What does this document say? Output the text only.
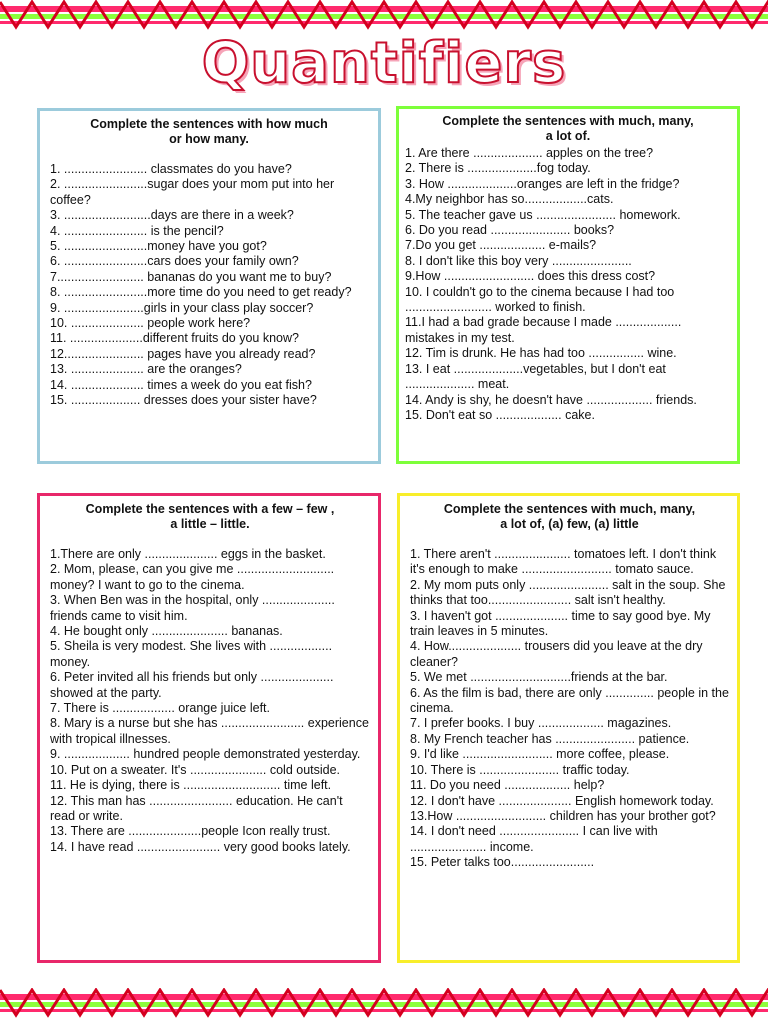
Quantifiers
Complete the sentences with how much
or how many.
1. ........................ classmates do you have?
2. ........................sugar does your mom put into her coffee?
3. .........................days are there in a week?
4. ........................ is the pencil?
5. ........................money have you got?
6. ........................cars does your family own?
7......................... bananas do you want me to buy?
8. ........................more time do you need to get ready?
9. .......................girls in your class play soccer?
10. ..................... people work here?
11. .....................different fruits do you know?
12....................... pages have you already read?
13. ..................... are the oranges?
14. ..................... times a week do you eat fish?
15. .................... dresses does your sister have?
Complete the sentences with much, many,
a lot of.
1. Are there .................... apples on the tree?
2. There is ....................fog today.
3. How ....................oranges are left in the fridge?
4.My neighbor has so..................cats.
5. The teacher gave us ....................... homework.
6. Do you read ....................... books?
7.Do you get ................... e-mails?
8. I don't like this boy very .......................
9.How .......................... does this dress cost?
10. I couldn't go to the cinema because I had too ......................... worked to finish.
11.I had a bad grade because I made ................... mistakes in my test.
12. Tim is drunk. He has had too ................ wine.
13. I eat ....................vegetables, but I don't eat .................... meat.
14. Andy is shy, he doesn't have ................... friends.
15. Don't eat so ................... cake.
Complete the sentences with a few – few ,
a little – little.
1.There are only ..................... eggs in the basket.
2. Mom, please, can you give me ............................ money? I want to go to the cinema.
3. When Ben was in the hospital, only ..................... friends came to visit him.
4. He bought only ...................... bananas.
5. Sheila is very modest. She lives with .................. money.
6. Peter invited all his friends but only ..................... showed at the party.
7. There is .................. orange juice left.
8. Mary is a nurse but she has ........................ experience with tropical illnesses.
9. ................... hundred people demonstrated yesterday.
10. Put on a sweater. It's ...................... cold outside.
11. He is dying, there is ............................ time left.
12. This man has ........................ education. He can't read or write.
13. There are .....................people Icon really trust.
14. I have read ........................ very good books lately.
Complete the sentences with much, many,
a lot of, (a) few, (a) little
1. There aren't ...................... tomatoes left. I don't think it's enough to make .......................... tomato sauce.
2. My mom puts only ....................... salt in the soup. She thinks that too........................ salt isn't healthy.
3. I haven't got ..................... time to say good bye. My train leaves in 5 minutes.
4. How..................... trousers did you leave at the dry cleaner?
5. We met .............................friends at the bar.
6. As the film is bad, there are only .............. people in the cinema.
7. I prefer books. I buy ................... magazines.
8. My French teacher has ....................... patience.
9. I'd like .......................... more coffee, please.
10. There is ....................... traffic today.
11. Do you need ................... help?
12. I don't have ..................... English homework today.
13.How .......................... children has your brother got?
14. I don't need ....................... I can live with ...................... income.
15. Peter talks too........................
